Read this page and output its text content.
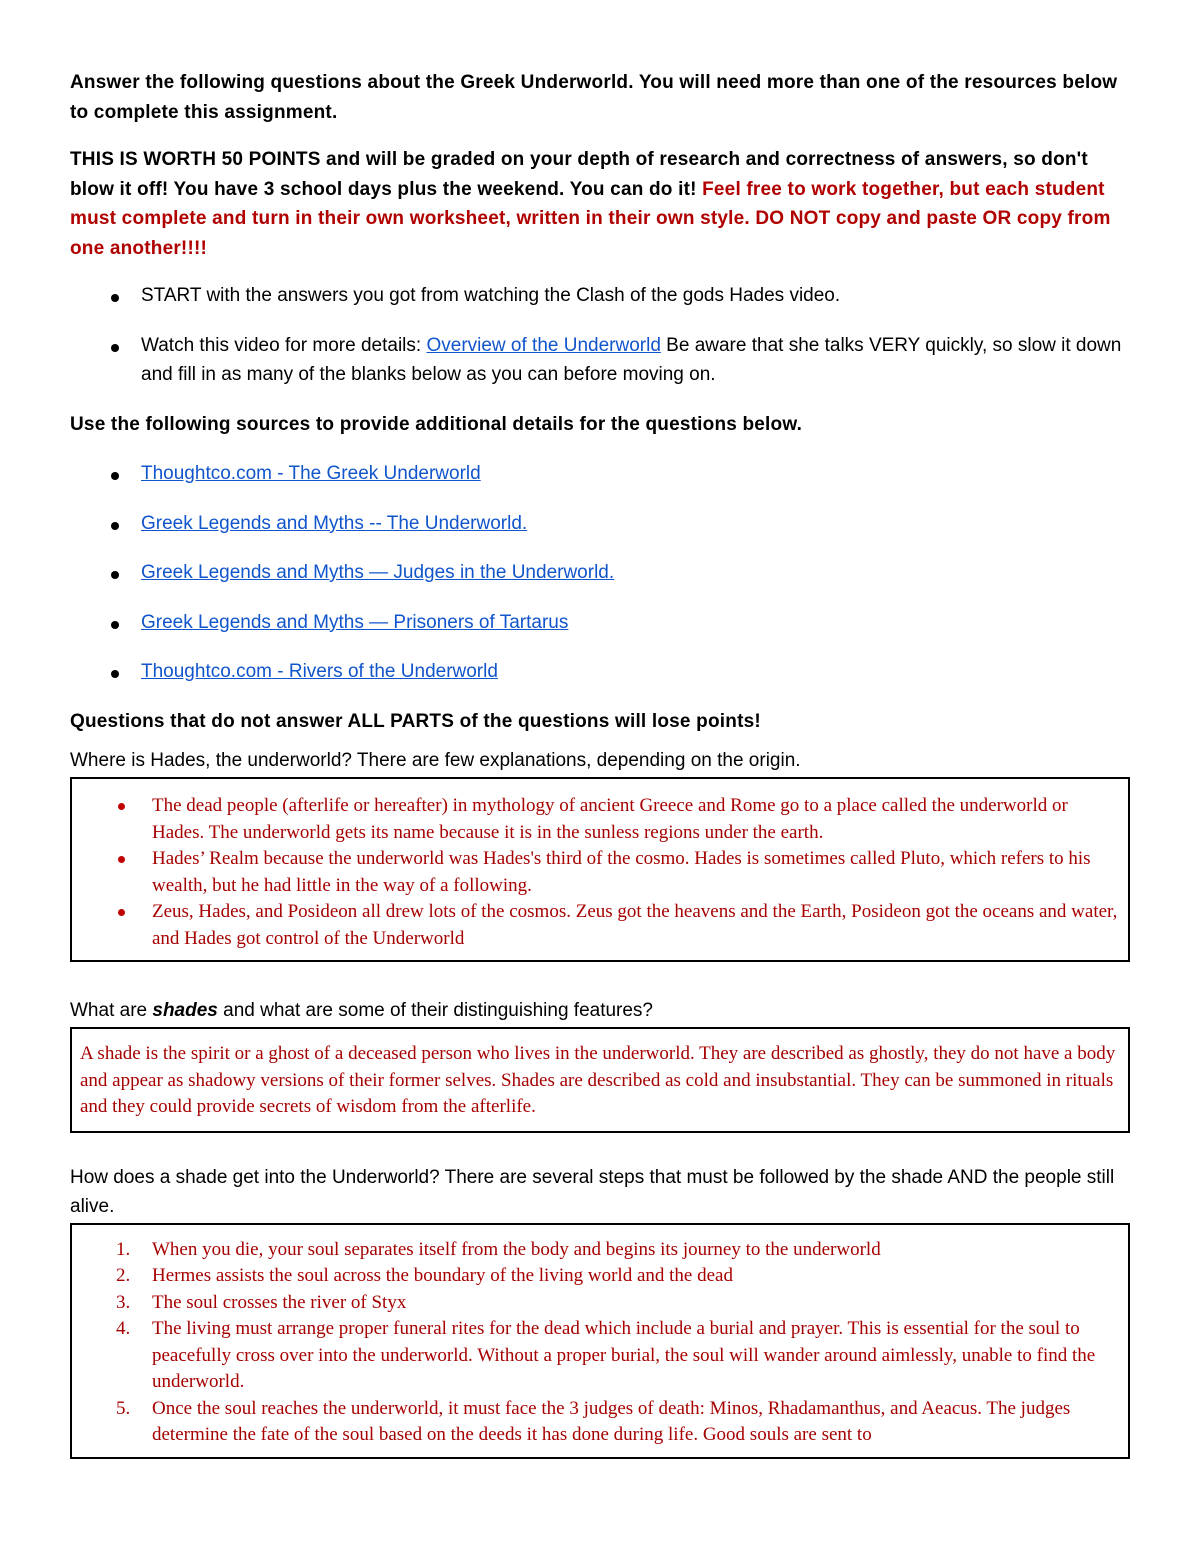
Answer the following questions about the Greek Underworld. You will need more than one of the resources below to complete this assignment.

THIS IS WORTH 50 POINTS and will be graded on your depth of research and correctness of answers, so don't blow it off! You have 3 school days plus the weekend. You can do it! Feel free to work together, but each student must complete and turn in their own worksheet, written in their own style. DO NOT copy and paste OR copy from one another!!!!

START with the answers you got from watching the Clash of the gods Hades video.
Watch this video for more details: Overview of the Underworld Be aware that she talks VERY quickly, so slow it down and fill in as many of the blanks below as you can before moving on.

Use the following sources to provide additional details for the questions below.

Thoughtco.com - The Greek Underworld
Greek Legends and Myths -- The Underworld.
Greek Legends and Myths — Judges in the Underworld.
Greek Legends and Myths — Prisoners of Tartarus
Thoughtco.com - Rivers of the Underworld

Questions that do not answer ALL PARTS of the questions will lose points!

Where is Hades, the underworld? There are few explanations, depending on the origin.

The dead people (afterlife or hereafter) in mythology of ancient Greece and Rome go to a place called the underworld or Hades. The underworld gets its name because it is in the sunless regions under the earth.
Hades’ Realm because the underworld was Hades's third of the cosmo. Hades is sometimes called Pluto, which refers to his wealth, but he had little in the way of a following.
Zeus, Hades, and Posideon all drew lots of the cosmos. Zeus got the heavens and the Earth, Posideon got the oceans and water, and Hades got control of the Underworld

What are shades and what are some of their distinguishing features?

A shade is the spirit or a ghost of a deceased person who lives in the underworld. They are described as ghostly, they do not have a body and appear as shadowy versions of their former selves. Shades are described as cold and insubstantial. They can be summoned in rituals and they could provide secrets of wisdom from the afterlife.

How does a shade get into the Underworld? There are several steps that must be followed by the shade AND the people still alive.

1. When you die, your soul separates itself from the body and begins its journey to the underworld
2. Hermes assists the soul across the boundary of the living world and the dead
3. The soul crosses the river of Styx
4. The living must arrange proper funeral rites for the dead which include a burial and prayer. This is essential for the soul to peacefully cross over into the underworld. Without a proper burial, the soul will wander around aimlessly, unable to find the underworld.
5. Once the soul reaches the underworld, it must face the 3 judges of death: Minos, Rhadamanthus, and Aeacus. The judges determine the fate of the soul based on the deeds it has done during life. Good souls are sent to
